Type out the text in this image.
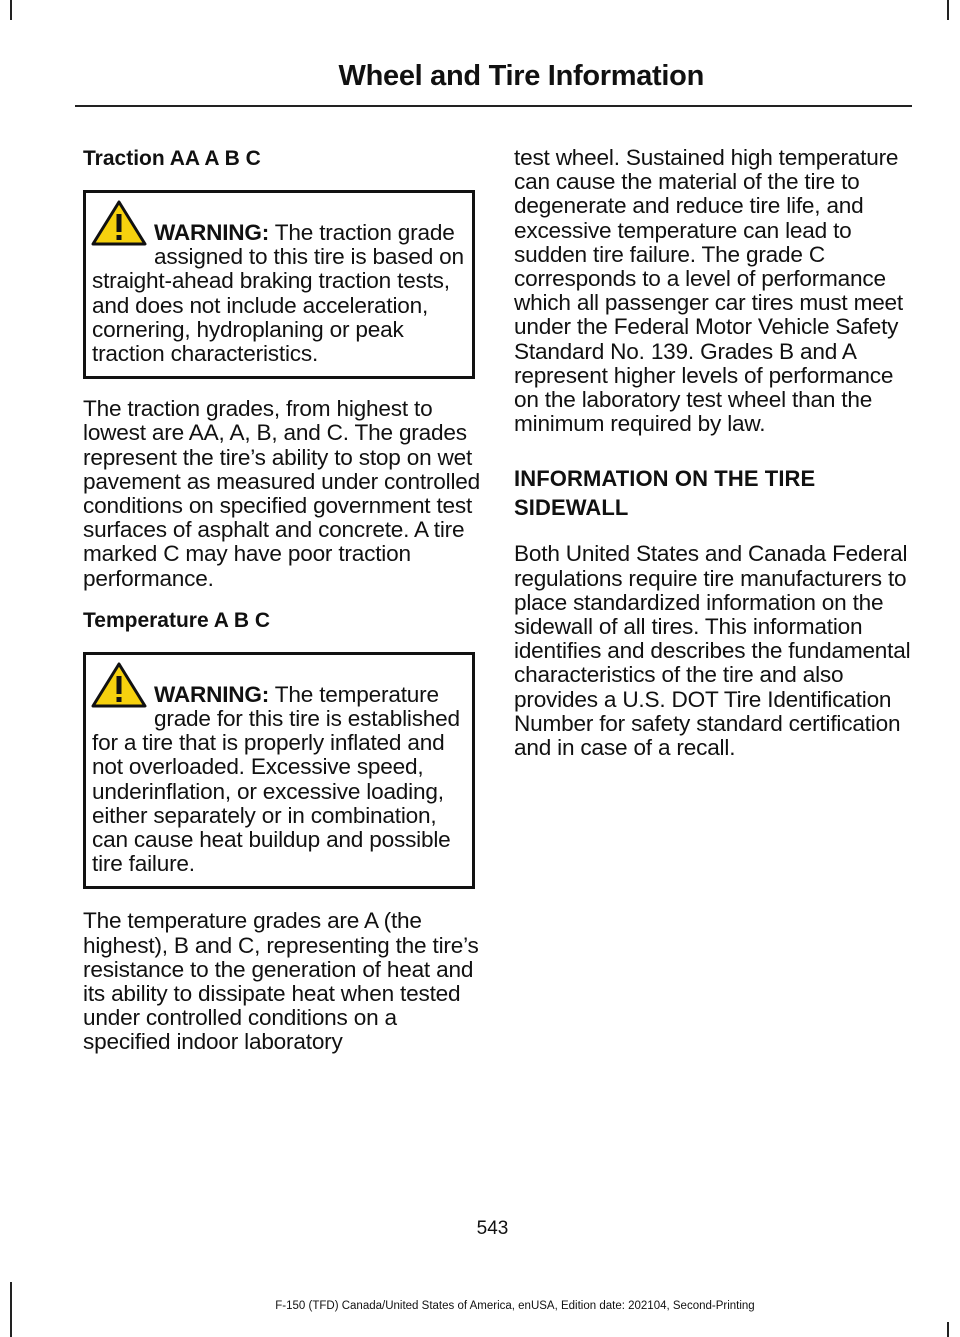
Wheel and Tire Information
Traction AA A B C

WARNING: The traction grade assigned to this tire is based on straight-ahead braking traction tests, and does not include acceleration, cornering, hydroplaning or peak traction characteristics.

The traction grades, from highest to lowest are AA, A, B, and C. The grades represent the tire’s ability to stop on wet pavement as measured under controlled conditions on specified government test surfaces of asphalt and concrete. A tire marked C may have poor traction performance.

Temperature A B C

WARNING: The temperature grade for this tire is established for a tire that is properly inflated and not overloaded. Excessive speed, underinflation, or excessive loading, either separately or in combination, can cause heat buildup and possible tire failure.

The temperature grades are A (the highest), B and C, representing the tire’s resistance to the generation of heat and its ability to dissipate heat when tested under controlled conditions on a specified indoor laboratory

test wheel. Sustained high temperature can cause the material of the tire to degenerate and reduce tire life, and excessive temperature can lead to sudden tire failure. The grade C corresponds to a level of performance which all passenger car tires must meet under the Federal Motor Vehicle Safety Standard No. 139. Grades B and A represent higher levels of performance on the laboratory test wheel than the minimum required by law.

INFORMATION ON THE TIRE
SIDEWALL

Both United States and Canada Federal regulations require tire manufacturers to place standardized information on the sidewall of all tires. This information identifies and describes the fundamental characteristics of the tire and also provides a U.S. DOT Tire Identification Number for safety standard certification and in case of a recall.

543
F-150 (TFD) Canada/United States of America, enUSA, Edition date: 202104, Second-Printing
